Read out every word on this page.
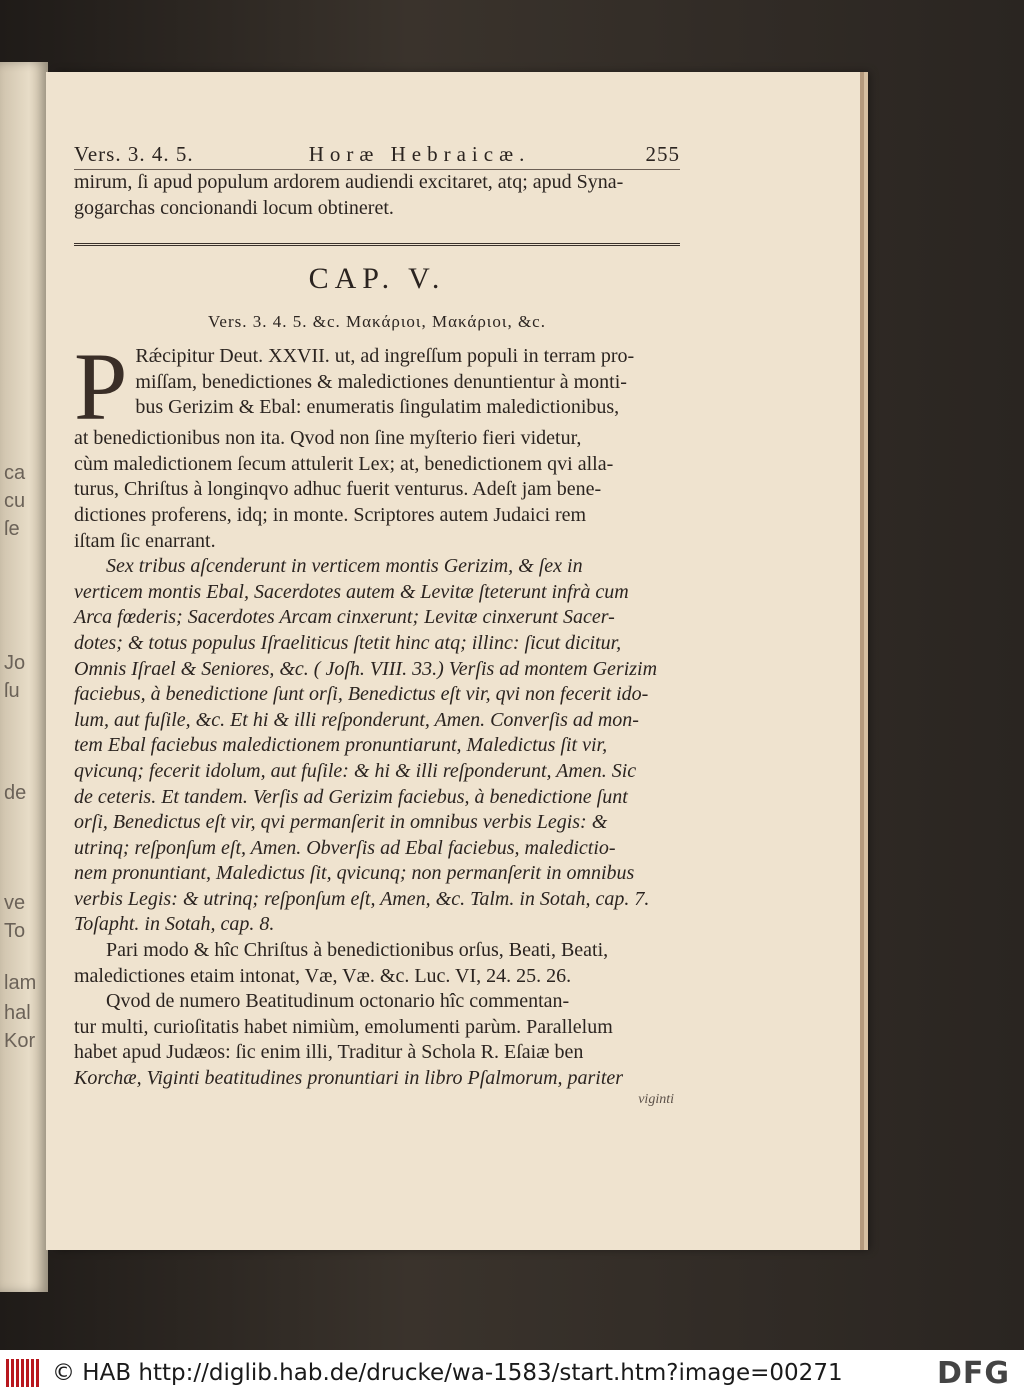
ca
cu
ſe
Jo
ſu
de
ve
To
lam
hal
Kor
Vers. 3. 4. 5.	Horæ Hebraicæ.	255

mirum, ſi apud populum ardorem audiendi excitaret, atq; apud Syna-

gogarchas concionandi locum obtineret.

CAP. V.
Vers. 3. 4. 5. &c. Μακάριοι, Μακάριοι, &c.
P Rǽcipitur Deut. XXVII. ut, ad ingreſſum populi in terram pro-

miſſam, benedictiones & maledictiones denuntientur à monti-

bus Gerizim & Ebal: enumeratis ſingulatim maledictionibus,

at benedictionibus non ita. Qvod non ſine myſterio fieri videtur,

cùm maledictionem ſecum attulerit Lex; at, benedictionem qvi alla-

turus, Chriſtus à longinqvo adhuc fuerit venturus. Adeſt jam bene-

dictiones proferens, idq; in monte. Scriptores autem Judaici rem

iſtam ſic enarrant.

Sex tribus aſcenderunt in verticem montis Gerizim, & ſex in

verticem montis Ebal, Sacerdotes autem & Levitæ ſteterunt infrà cum

Arca fœderis; Sacerdotes Arcam cinxerunt; Levitæ cinxerunt Sacer-

dotes; & totus populus Iſraeliticus ſtetit hinc atq; illinc: ſicut dicitur,

Omnis Iſrael & Seniores, &c. ( Joſh. VIII. 33.) Verſis ad montem Gerizim

faciebus, à benedictione ſunt orſi, Benedictus eſt vir, qvi non fecerit ido-

lum, aut fuſile, &c. Et hi & illi reſponderunt, Amen. Converſis ad mon-

tem Ebal faciebus maledictionem pronuntiarunt, Maledictus ſit vir,

qvicunq; fecerit idolum, aut fuſile: & hi & illi reſponderunt, Amen. Sic

de ceteris. Et tandem. Verſis ad Gerizim faciebus, à benedictione ſunt

orſi, Benedictus eſt vir, qvi permanſerit in omnibus verbis Legis: &

utrinq; reſponſum eſt, Amen. Obverſis ad Ebal faciebus, maledictio-

nem pronuntiant, Maledictus ſit, qvicunq; non permanſerit in omnibus

verbis Legis: & utrinq; reſponſum eſt, Amen, &c. Talm. in Sotah, cap. 7.

Toſapht. in Sotah, cap. 8.

Pari modo & hîc Chriſtus à benedictionibus orſus, Beati, Beati,

maledictiones etaim intonat, Væ, Væ. &c. Luc. VI, 24. 25. 26.

Qvod de numero Beatitudinum octonario hîc commentan-

tur multi, curioſitatis habet nimiùm, emolumenti parùm. Parallelum

habet apud Judæos: ſic enim illi, Traditur à Schola R. Eſaiæ ben

Korchæ, Viginti beatitudines pronuntiari in libro Pſalmorum, pariter

viginti
© HAB http://diglib.hab.de/drucke/wa-1583/start.htm?image=00271	DFG
